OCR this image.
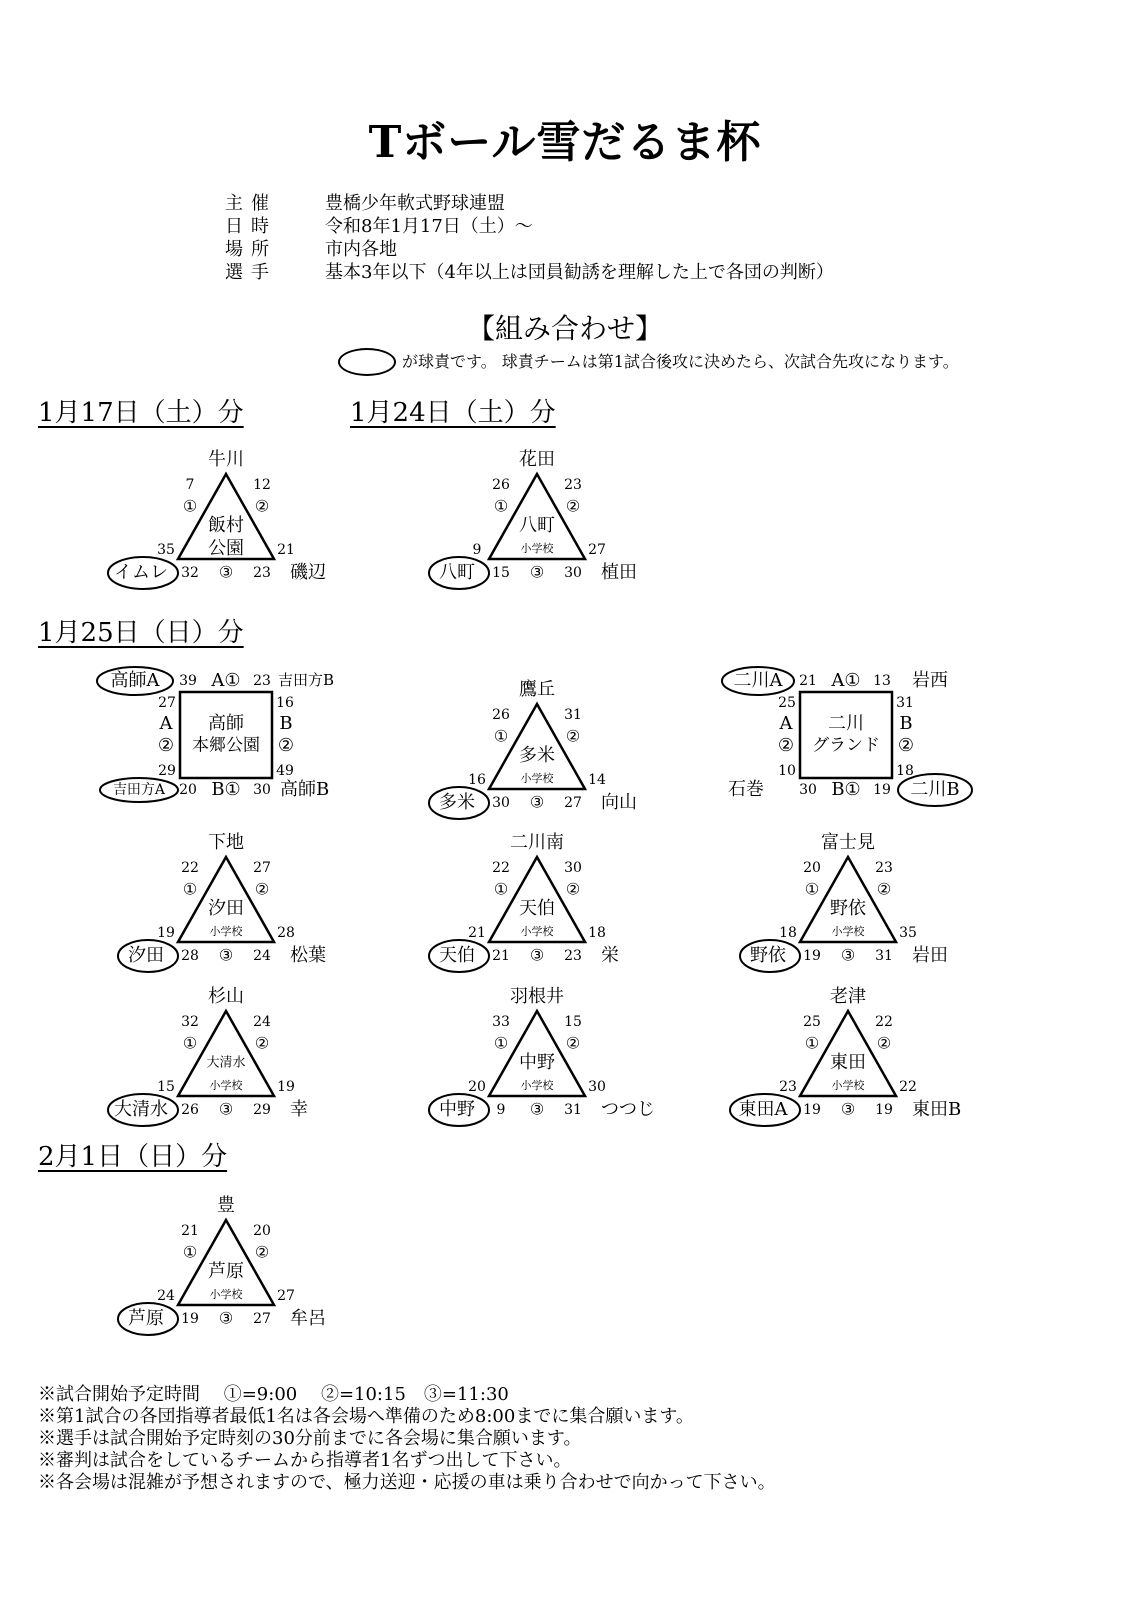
Tボール雪だるま杯
主催	豊橋少年軟式野球連盟
日時	令和8年1月17日（土）～
場所	市内各地
選手	基本3年以下（4年以上は団員勧誘を理解した上で各団の判断）
【組み合わせ】
が球責です。 球責チームは第1試合後攻に決めたら、次試合先攻になります。
1月17日（土）分	1月24日（土）分
1月25日（日）分
2月1日（日）分
牛川
7
①
35
12
②
21
32 ③ 23
飯村
公園
イムレ	磯辺
花田
26
①
9
23
②
27
15 ③ 30
八町
小学校
八町	植田
鷹丘
26
①
16
31
②
14
30 ③ 27
多米
小学校
多米	向山
下地
22
①
19
27
②
28
28 ③ 24
汐田
小学校
汐田	松葉
二川南
22
①
21
30
②
18
21 ③ 23
天伯
小学校
天伯	栄
富士見
20
①
18
23
②
35
19 ③ 31
野依
小学校
野依	岩田
杉山
32
①
15
24
②
19
26 ③ 29
大清水
小学校
大清水	幸
羽根井
33
①
20
15
②
30
9 ③ 31
中野
小学校
中野	つつじ
老津
25
①
23
22
②
22
19 ③ 19
東田
小学校
東田A	東田B
豊
21
①
24
20
②
27
19 ③ 27
芦原
小学校
芦原	牟呂
39 A① 23
20 B① 30
27
A
②
29
16
B
②
49
高師
本郷公園
高師A	吉田方B
吉田方A	高師B
21 A① 13
30 B① 19
25
A
②
10
31
B
②
18
二川
グランド
二川A	岩西
石巻	二川B
※試合開始予定時間　 ①=9:00　 ②=10:15　③=11:30
※第1試合の各団指導者最低1名は各会場へ準備のため8:00までに集合願います。
※選手は試合開始予定時刻の30分前までに各会場に集合願います。
※審判は試合をしているチームから指導者1名ずつ出して下さい。
※各会場は混雑が予想されますので、極力送迎・応援の車は乗り合わせで向かって下さい。
